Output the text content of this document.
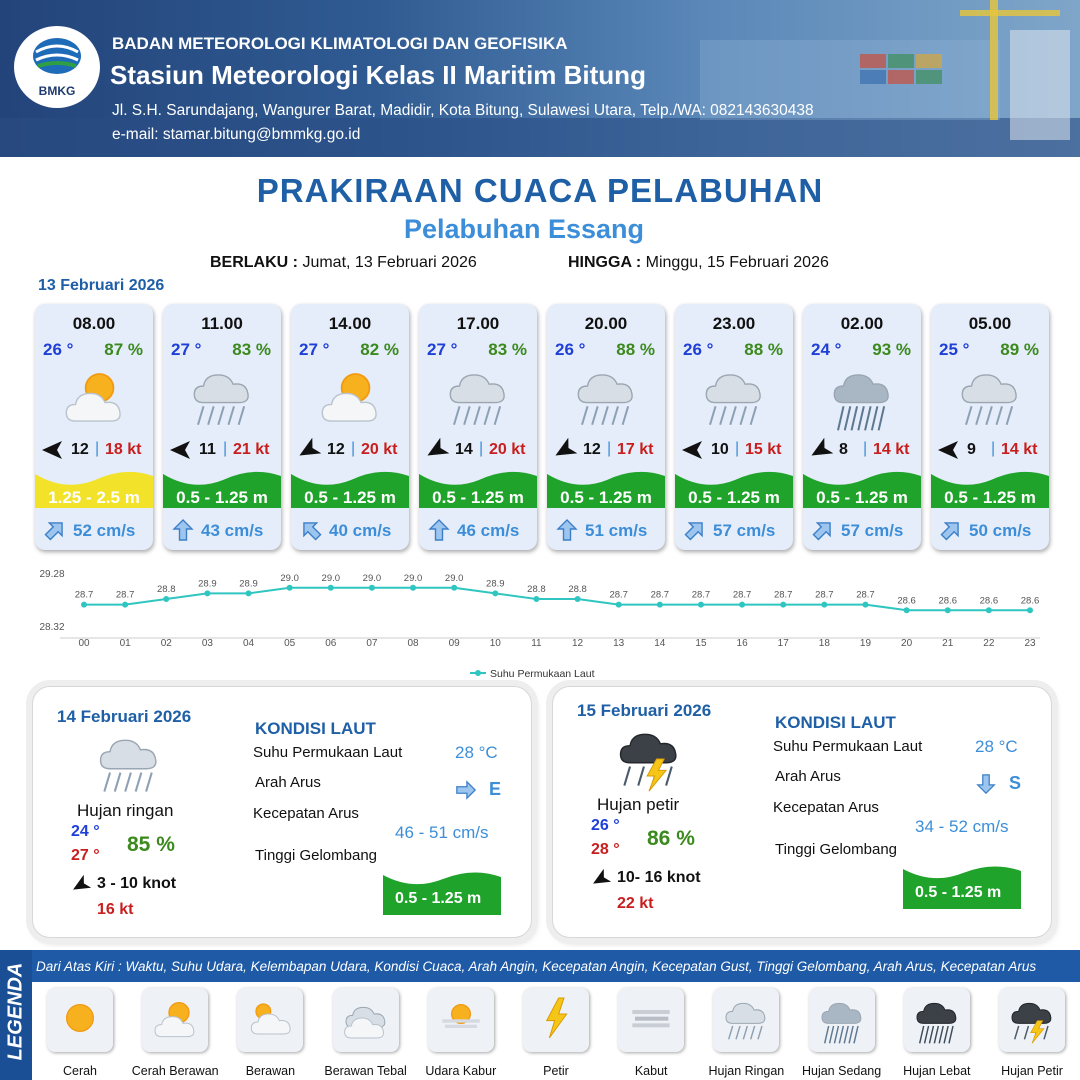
BMKG
BADAN METEOROLOGI KLIMATOLOGI DAN GEOFISIKA
Stasiun Meteorologi Kelas II Maritim Bitung
Jl. S.H. Sarundajang, Wangurer Barat, Madidir, Kota Bitung, Sulawesi Utara, Telp./WA: 082143630438
e-mail: stamar.bitung@bmmkg.go.id
PRAKIRAAN CUACA PELABUHAN
Pelabuhan Essang
BERLAKU : Jumat, 13 Februari 2026	HINGGA : Minggu, 15 Februari 2026
13 Februari 2026
08.00
26 ° 87 %
12 | 18 kt
1.25 - 2.5 m
52 cm/s
11.00
27 ° 83 %
11 | 21 kt
0.5 - 1.25 m
43 cm/s
14.00
27 ° 82 %
12 | 20 kt
0.5 - 1.25 m
40 cm/s
17.00
27 ° 83 %
14 | 20 kt
0.5 - 1.25 m
46 cm/s
20.00
26 ° 88 %
12 | 17 kt
0.5 - 1.25 m
51 cm/s
23.00
26 ° 88 %
10 | 15 kt
0.5 - 1.25 m
57 cm/s
02.00
24 ° 93 %
8 | 14 kt
0.5 - 1.25 m
57 cm/s
05.00
25 ° 89 %
9 | 14 kt
0.5 - 1.25 m
50 cm/s
29.28
28.32
28.7
00
28.7
01
28.8
02
28.9
03
28.9
04
29.0
05
29.0
06
29.0
07
29.0
08
29.0
09
28.9
10
28.8
11
28.8
12
28.7
13
28.7
14
28.7
15
28.7
16
28.7
17
28.7
18
28.7
19
28.6
20
28.6
21
28.6
22
28.6
23
Suhu Permukaan Laut
14 Februari 2026
Hujan ringan
24 °
27 ° 85 %
3 - 10 knot
16 kt
KONDISI LAUT
Suhu Permukaan Laut	28 °C
Arah Arus	E
Kecepatan Arus
46 - 51 cm/s
Tinggi Gelombang
0.5 - 1.25 m
15 Februari 2026
Hujan petir
26 °
28 ° 86 %
10- 16 knot
22 kt
KONDISI LAUT
Suhu Permukaan Laut	28 °C
Arah Arus	S
Kecepatan Arus
34 - 52 cm/s
Tinggi Gelombang
0.5 - 1.25 m
LEGENDA Dari Atas Kiri : Waktu, Suhu Udara, Kelembapan Udara, Kondisi Cuaca, Arah Angin, Kecepatan Angin, Kecepatan Gust, Tinggi Gelombang, Arah Arus, Kecepatan Arus
Cerah	Cerah Berawan	Berawan	Berawan Tebal	Udara Kabur	Petir	Kabut	Hujan Ringan	Hujan Sedang	Hujan Lebat	Hujan Petir
